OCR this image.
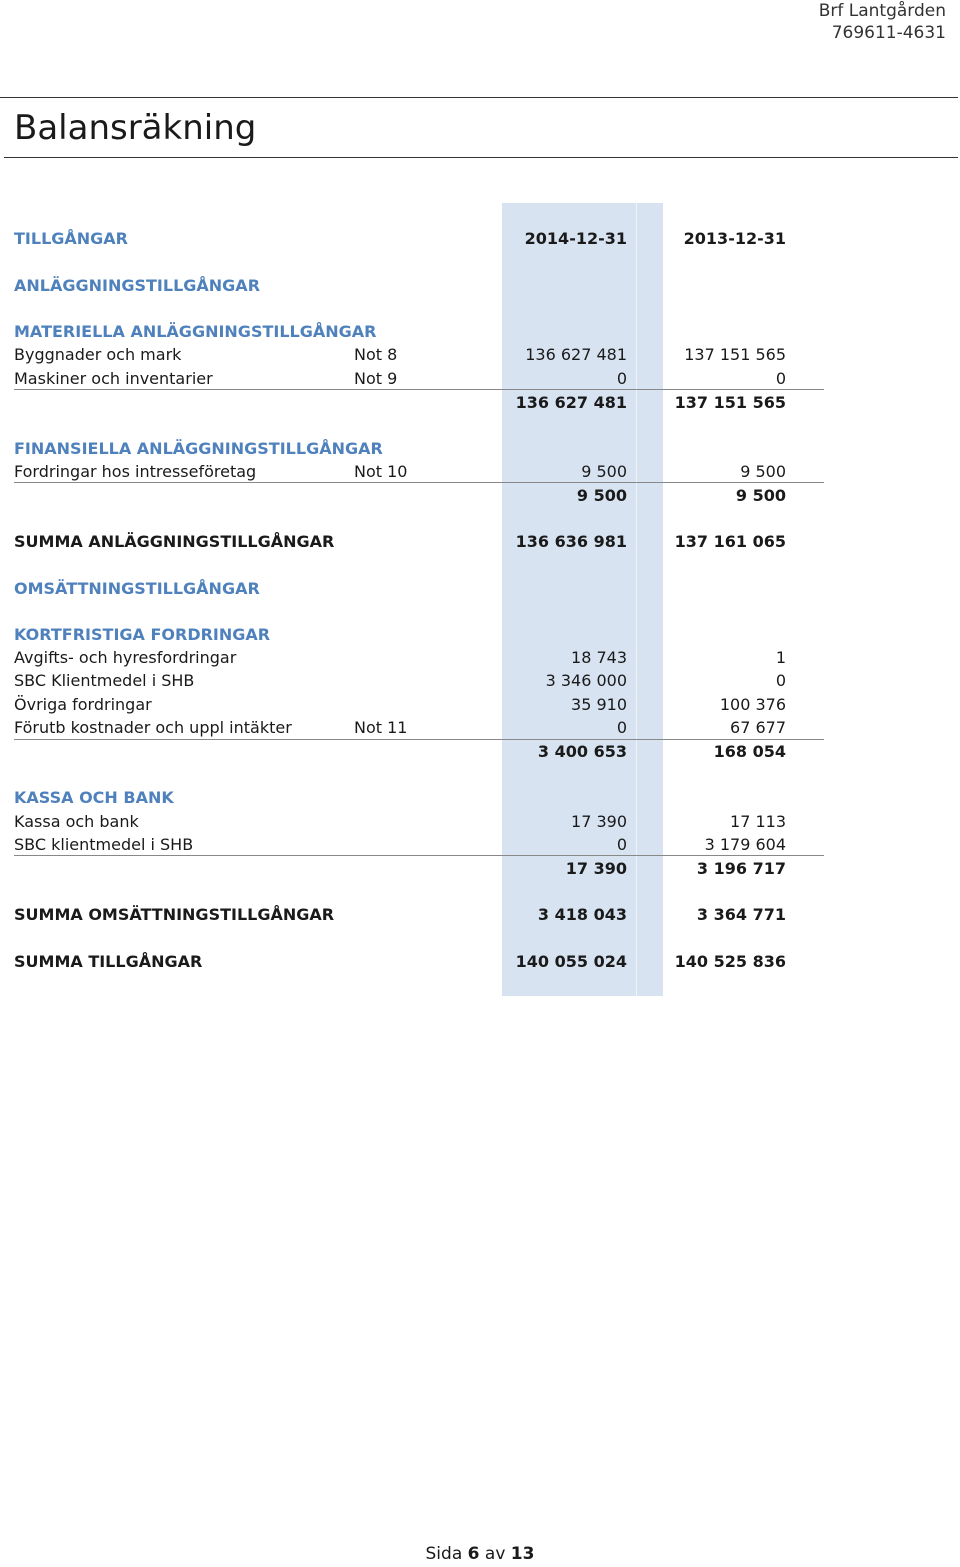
Brf Lantgården
769611-4631
Balansräkning
TILLGÅNGAR	2014-12-31	2013-12-31
ANLÄGGNINGSTILLGÅNGAR
MATERIELLA ANLÄGGNINGSTILLGÅNGAR
Byggnader och mark	Not 8	136 627 481	137 151 565
Maskiner och inventarier	Not 9	0	0
136 627 481	137 151 565
FINANSIELLA ANLÄGGNINGSTILLGÅNGAR
Fordringar hos intresseföretag	Not 10	9 500	9 500
9 500	9 500
SUMMA ANLÄGGNINGSTILLGÅNGAR	136 636 981	137 161 065
OMSÄTTNINGSTILLGÅNGAR
KORTFRISTIGA FORDRINGAR
Avgifts- och hyresfordringar	18 743	1
SBC Klientmedel i SHB	3 346 000	0
Övriga fordringar	35 910	100 376
Förutb kostnader och uppl intäkter	Not 11	0	67 677
3 400 653	168 054
KASSA OCH BANK
Kassa och bank	17 390	17 113
SBC klientmedel i SHB	0	3 179 604
17 390	3 196 717
SUMMA OMSÄTTNINGSTILLGÅNGAR	3 418 043	3 364 771
SUMMA TILLGÅNGAR	140 055 024	140 525 836
Sida 6 av 13
